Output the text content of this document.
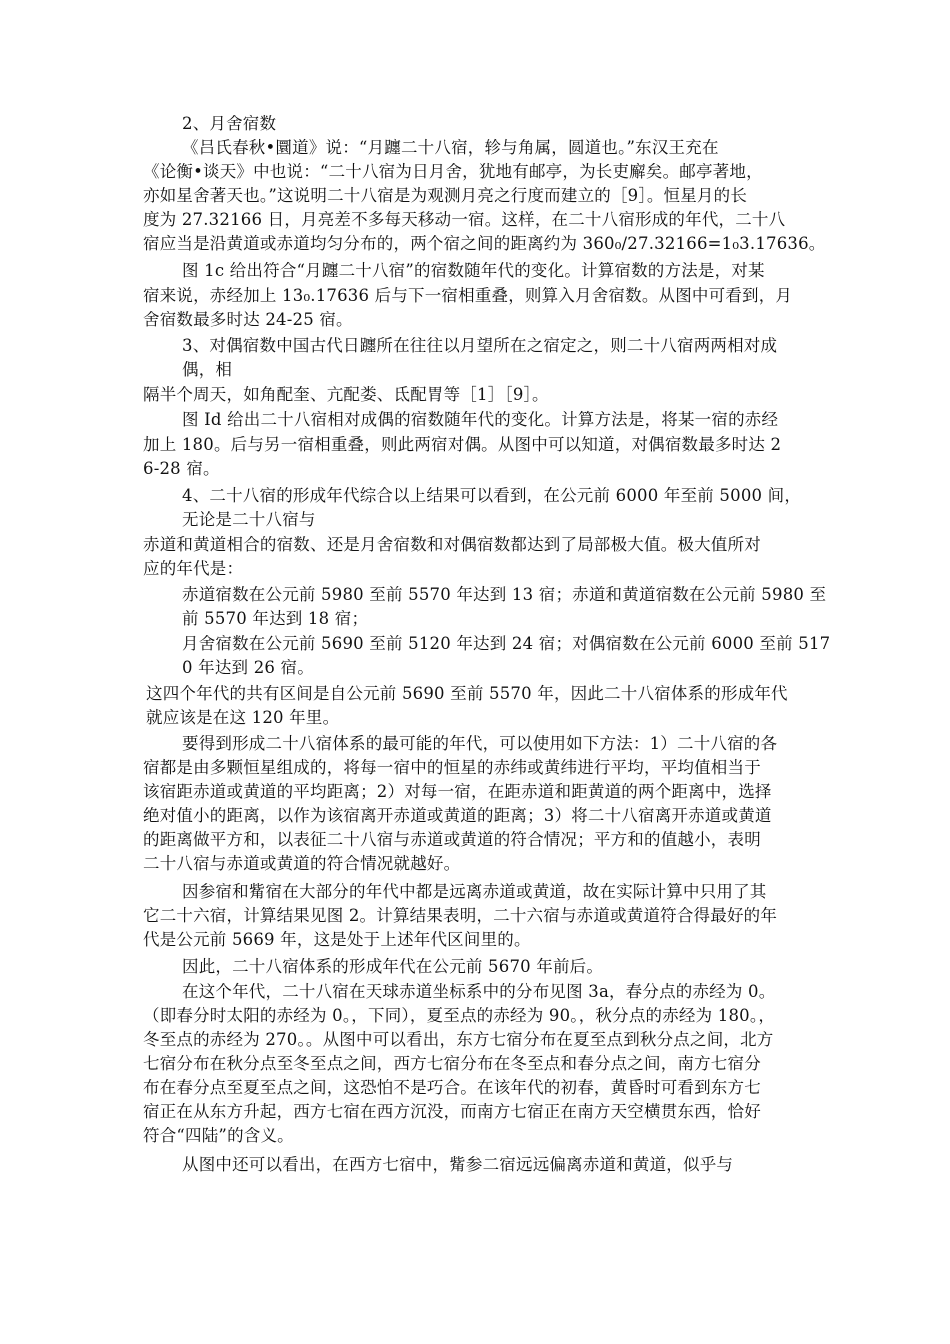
2、月舍宿数

《吕氏春秋•圜道》说：“月躔二十八宿，轸与角属，圆道也。”东汉王充在

《论衡•谈天》中也说：“二十八宿为日月舍，犹地有邮亭，为长吏廨矣。邮亭著地，

亦如星舍著天也。”这说明二十八宿是为观测月亮之行度而建立的［9］。恒星月的长

度为 27.32166 日，月亮差不多每天移动一宿。这样，在二十八宿形成的年代，二十八

宿应当是沿黄道或赤道均匀分布的，两个宿之间的距离约为 360₀/27.32166=1₀3.17636。

图 1c 给出符合“月躔二十八宿”的宿数随年代的变化。计算宿数的方法是，对某

宿来说，赤经加上 13₀.17636 后与下一宿相重叠，则算入月舍宿数。从图中可看到，月

舍宿数最多时达 24-25 宿。

3、对偶宿数中国古代日躔所在往往以月望所在之宿定之，则二十八宿两两相对成

偶，相

隔半个周天，如角配奎、亢配娄、氐配胃等［1］［9］。

图 Id 给出二十八宿相对成偶的宿数随年代的变化。计算方法是，将某一宿的赤经

加上 180。后与另一宿相重叠，则此两宿对偶。从图中可以知道，对偶宿数最多时达 2

6-28 宿。

4、二十八宿的形成年代综合以上结果可以看到，在公元前 6000 年至前 5000 间，

无论是二十八宿与

赤道和黄道相合的宿数、还是月舍宿数和对偶宿数都达到了局部极大值。极大值所对

应的年代是：

赤道宿数在公元前 5980 至前 5570 年达到 13 宿；赤道和黄道宿数在公元前 5980 至

前 5570 年达到 18 宿；

月舍宿数在公元前 5690 至前 5120 年达到 24 宿；对偶宿数在公元前 6000 至前 517

0 年达到 26 宿。

这四个年代的共有区间是自公元前 5690 至前 5570 年，因此二十八宿体系的形成年代

就应该是在这 120 年里。

要得到形成二十八宿体系的最可能的年代，可以使用如下方法：1）二十八宿的各

宿都是由多颗恒星组成的，将每一宿中的恒星的赤纬或黄纬进行平均，平均值相当于

该宿距赤道或黄道的平均距离；2）对每一宿，在距赤道和距黄道的两个距离中，选择

绝对值小的距离，以作为该宿离开赤道或黄道的距离；3）将二十八宿离开赤道或黄道

的距离做平方和，以表征二十八宿与赤道或黄道的符合情况；平方和的值越小，表明

二十八宿与赤道或黄道的符合情况就越好。

因参宿和觜宿在大部分的年代中都是远离赤道或黄道，故在实际计算中只用了其

它二十六宿，计算结果见图 2。计算结果表明，二十六宿与赤道或黄道符合得最好的年

代是公元前 5669 年，这是处于上述年代区间里的。

因此，二十八宿体系的形成年代在公元前 5670 年前后。

在这个年代，二十八宿在天球赤道坐标系中的分布见图 3a，春分点的赤经为 0。

（即春分时太阳的赤经为 0。，下同），夏至点的赤经为 90。，秋分点的赤经为 180。，

冬至点的赤经为 270。。从图中可以看出，东方七宿分布在夏至点到秋分点之间，北方

七宿分布在秋分点至冬至点之间，西方七宿分布在冬至点和春分点之间，南方七宿分

布在春分点至夏至点之间，这恐怕不是巧合。在该年代的初春，黄昏时可看到东方七

宿正在从东方升起，西方七宿在西方沉没，而南方七宿正在南方天空横贯东西，恰好

符合“四陆”的含义。

从图中还可以看出，在西方七宿中，觜参二宿远远偏离赤道和黄道，似乎与
